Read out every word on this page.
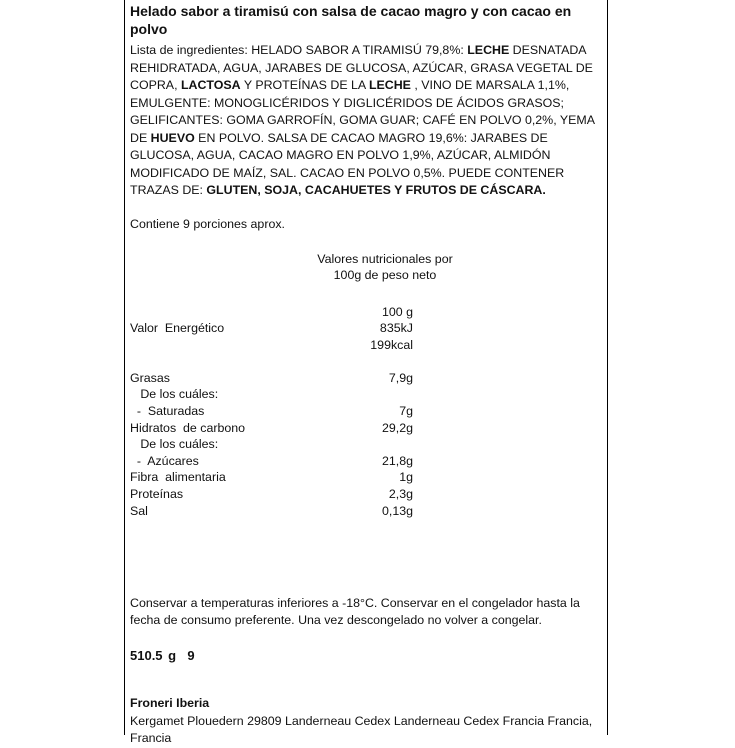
Helado sabor a tiramisú con salsa de cacao magro y con cacao en polvo
Lista de ingredientes: HELADO SABOR A TIRAMISÚ 79,8%: LECHE DESNATADA REHIDRATADA, AGUA, JARABES DE GLUCOSA, AZÚCAR, GRASA VEGETAL DE COPRA, LACTOSA Y PROTEÍNAS DE LA LECHE , VINO DE MARSALA 1,1%, EMULGENTE: MONOGLICÉRIDOS Y DIGLICÉRIDOS DE ÁCIDOS GRASOS; GELIFICANTES: GOMA GARROFÍN, GOMA GUAR; CAFÉ EN POLVO 0,2%, YEMA DE HUEVO EN POLVO. SALSA DE CACAO MAGRO 19,6%: JARABES DE GLUCOSA, AGUA, CACAO MAGRO EN POLVO 1,9%, AZÚCAR, ALMIDÓN MODIFICADO DE MAÍZ, SAL. CACAO EN POLVO 0,5%. PUEDE CONTENER TRAZAS DE: GLUTEN, SOJA, CACAHUETES Y FRUTOS DE CÁSCARA.
Contiene 9 porciones aprox.
Valores nutricionales por
100g de peso neto
100 g
Valor  Energético	835kJ
199kcal
Grasas	7,9g
De los cuáles:
-  Saturadas	7g
Hidratos  de carbono	29,2g
De los cuáles:
-  Azúcares	21,8g
Fibra  alimentaria	1g
Proteínas	2,3g
Sal	0,13g
Conservar a temperaturas inferiores a -18°C. Conservar en el congelador hasta la fecha de consumo preferente. Una vez descongelado no volver a congelar.
510.5 g 9
Froneri Iberia
Kergamet Plouedern 29809 Landerneau Cedex Landerneau Cedex Francia Francia, Francia
